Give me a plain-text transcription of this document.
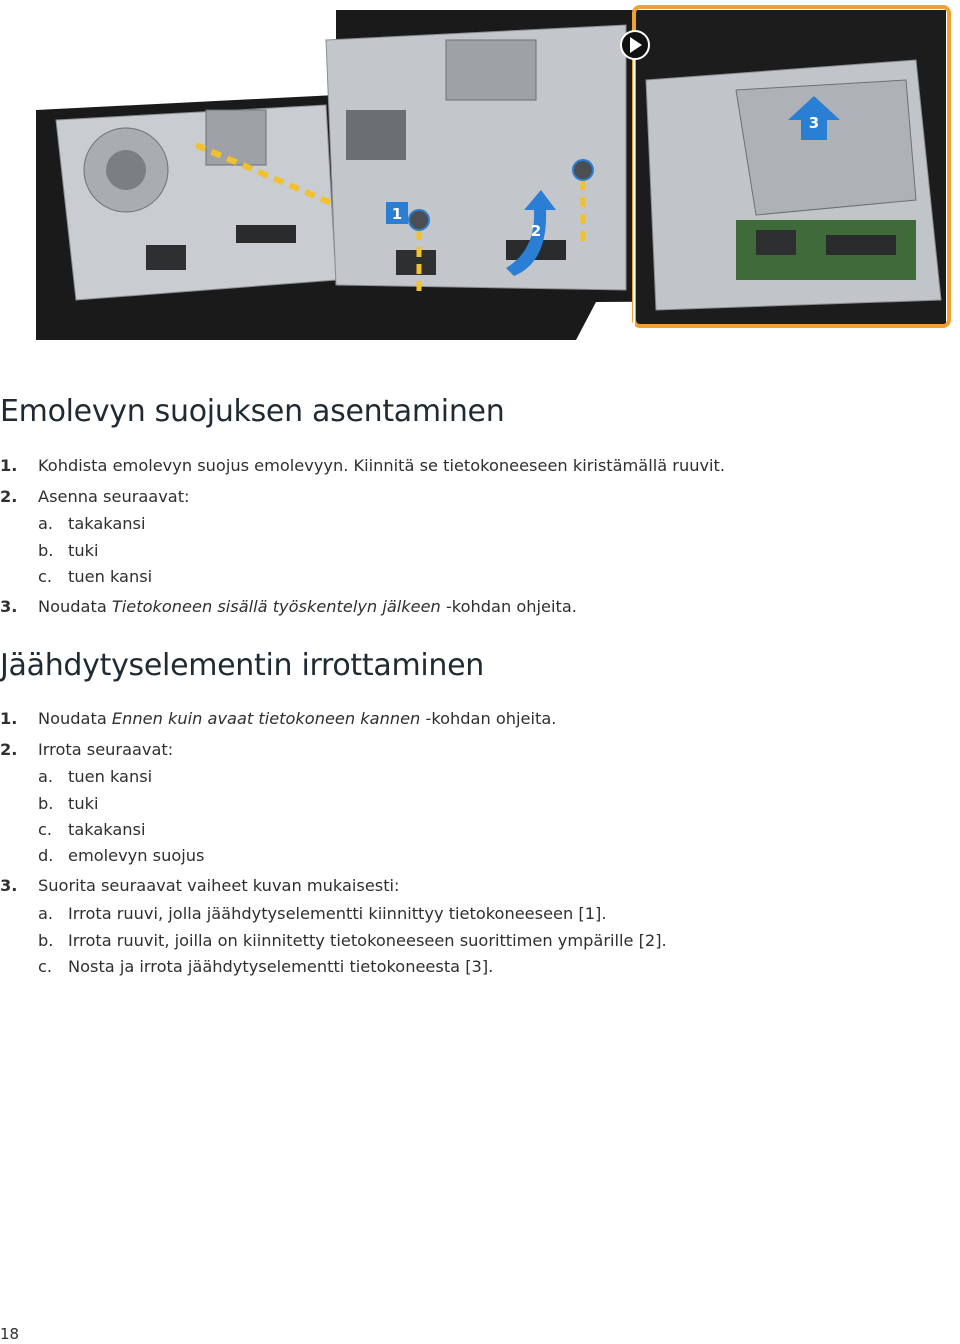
1
2
3
Emolevyn suojuksen asentaminen
1. Kohdista emolevyn suojus emolevyyn. Kiinnitä se tietokoneeseen kiristämällä ruuvit.
2. Asenna seuraavat:
a. takakansi
b. tuki
c. tuen kansi
3. Noudata Tietokoneen sisällä työskentelyn jälkeen -kohdan ohjeita.
Jäähdytyselementin irrottaminen
1. Noudata Ennen kuin avaat tietokoneen kannen -kohdan ohjeita.
2. Irrota seuraavat:
a. tuen kansi
b. tuki
c. takakansi
d. emolevyn suojus
3. Suorita seuraavat vaiheet kuvan mukaisesti:
a. Irrota ruuvi, jolla jäähdytyselementti kiinnittyy tietokoneeseen [1].
b. Irrota ruuvit, joilla on kiinnitetty tietokoneeseen suorittimen ympärille [2].
c. Nosta ja irrota jäähdytyselementti tietokoneesta [3].
18
